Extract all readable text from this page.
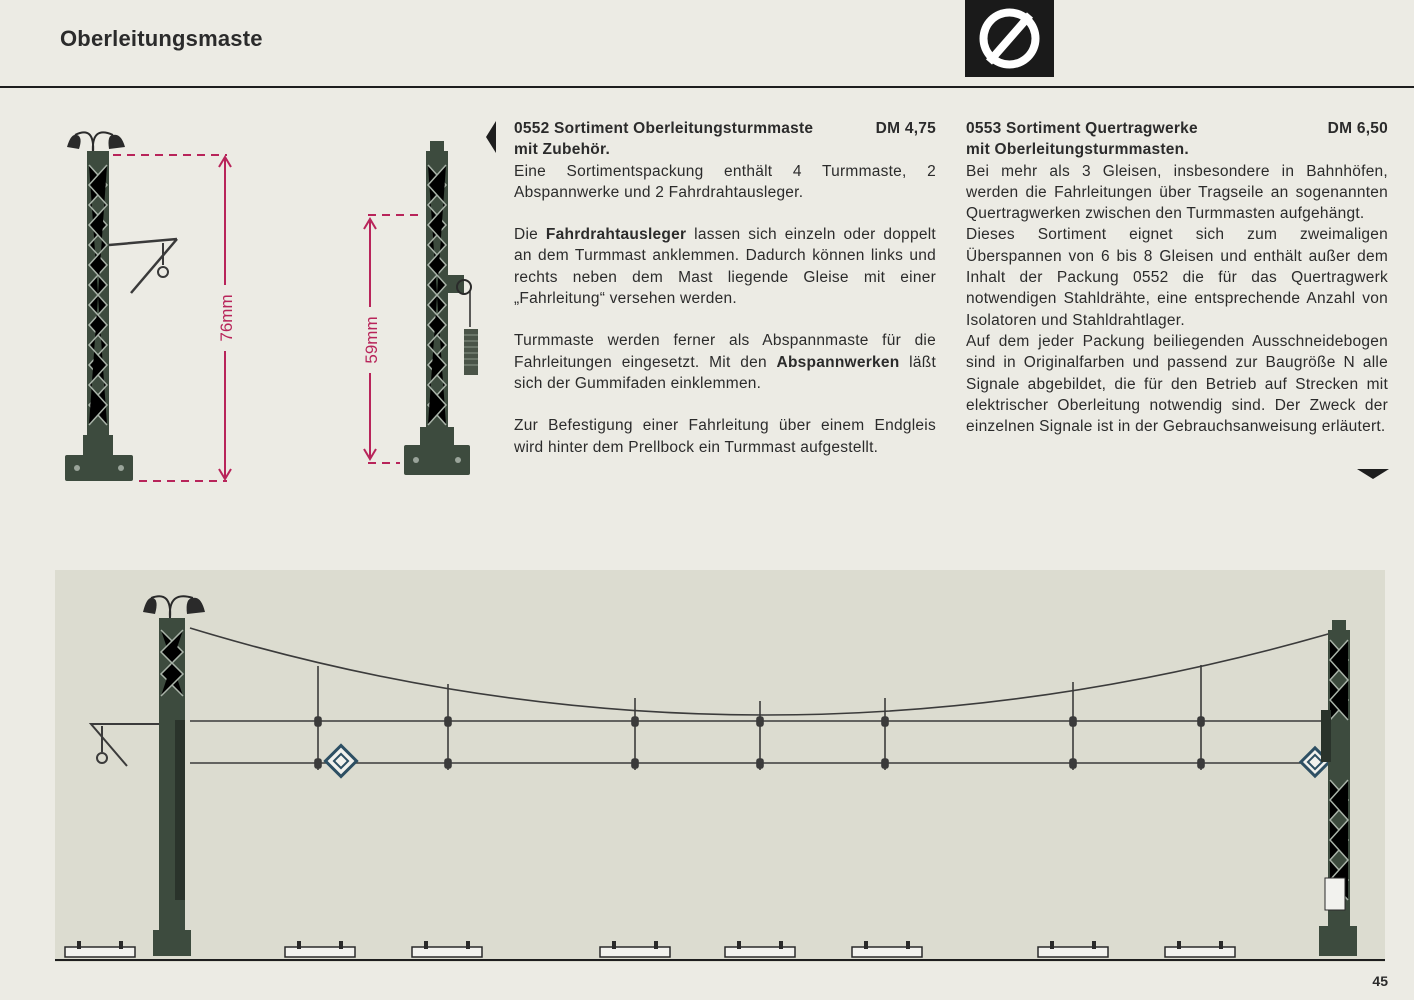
Oberleitungsmaste
76mm	59mm
0552 Sortiment Oberleitungsturmmaste	DM 4,75
mit Zubehör.

Eine Sortimentspackung enthält 4 Turmmaste, 2 Abspannwerke und 2 Fahrdrahtausleger.

Die Fahrdrahtausleger lassen sich einzeln oder doppelt an dem Turmmast anklemmen. Dadurch können links und rechts neben dem Mast liegende Gleise mit einer „Fahrleitung“ versehen werden.

Turmmaste werden ferner als Abspannmaste für die Fahrleitungen eingesetzt. Mit den Abspannwerken läßt sich der Gummifaden einklemmen.

Zur Befestigung einer Fahrleitung über einem Endgleis wird hinter dem Prellbock ein Turmmast aufgestellt.

0553 Sortiment Quertragwerke	DM 6,50
mit Oberleitungsturmmasten.

Bei mehr als 3 Gleisen, insbesondere in Bahnhöfen, werden die Fahrleitungen über Tragseile an sogenannten Quertragwerken zwischen den Turmmasten aufgehängt.

Dieses Sortiment eignet sich zum zweimaligen Überspannen von 6 bis 8 Gleisen und enthält außer dem Inhalt der Packung 0552 die für das Quertragwerk notwendigen Stahldrähte, eine entsprechende Anzahl von Isolatoren und Stahldrahtlager.

Auf dem jeder Packung beiliegenden Ausschneidebogen sind in Originalfarben und passend zur Baugröße N alle Signale abgebildet, die für den Betrieb auf Strecken mit elektrischer Oberleitung notwendig sind. Der Zweck der einzelnen Signale ist in der Gebrauchsanweisung erläutert.

45
